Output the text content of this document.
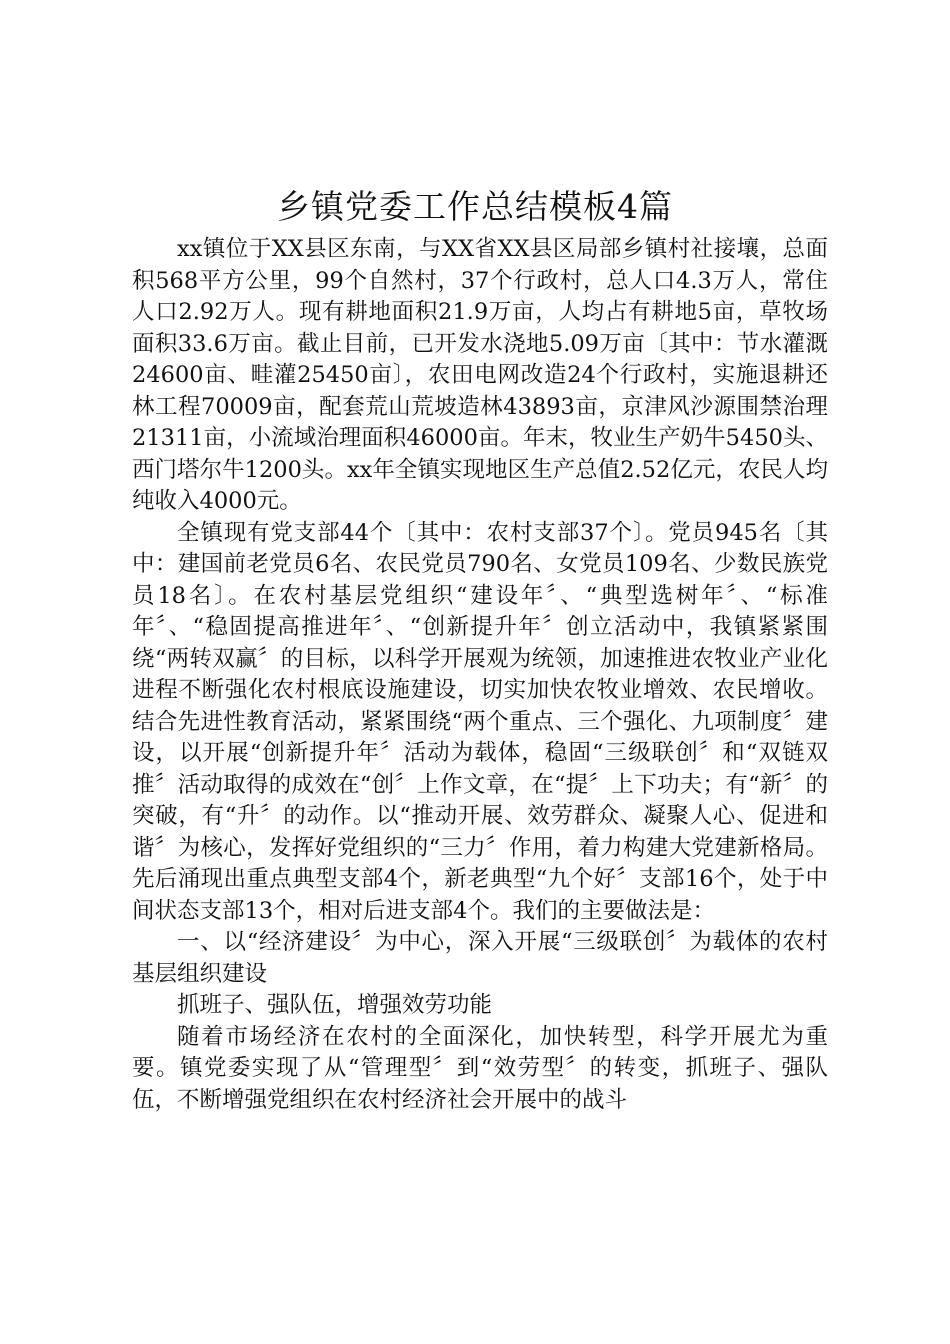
乡镇党委工作总结模板4篇

xx镇位于XX县区东南，与XX省XX县区局部乡镇村社接壤，总面积568平方公里，99个自然村，37个行政村，总人口4.3万人，常住人口2.92万人。现有耕地面积21.9万亩，人均占有耕地5亩，草牧场面积33.6万亩。截止目前，已开发水浇地5.09万亩〔其中：节水灌溉24600亩、畦灌25450亩〕，农田电网改造24个行政村，实施退耕还林工程70009亩，配套荒山荒坡造林43893亩，京津风沙源围禁治理21311亩，小流域治理面积46000亩。年末，牧业生产奶牛5450头、西门塔尔牛1200头。xx年全镇实现地区生产总值2.52亿元，农民人均纯收入4000元。

全镇现有党支部44个〔其中：农村支部37个〕。党员945名〔其中：建国前老党员6名、农民党员790名、女党员109名、少数民族党员18名〕。在农村基层党组织“建设年〞、“典型选树年〞、“标准年〞、“稳固提高推进年〞、“创新提升年〞创立活动中，我镇紧紧围绕“两转双赢〞的目标，以科学开展观为统领，加速推进农牧业产业化进程不断强化农村根底设施建设，切实加快农牧业增效、农民增收。结合先进性教育活动，紧紧围绕“两个重点、三个强化、九项制度〞建设，以开展“创新提升年〞活动为载体，稳固“三级联创〞和“双链双推〞活动取得的成效在“创〞上作文章，在“提〞上下功夫；有“新〞的突破，有“升〞的动作。以“推动开展、效劳群众、凝聚人心、促进和谐〞为核心，发挥好党组织的“三力〞作用，着力构建大党建新格局。先后涌现出重点典型支部4个，新老典型“九个好〞支部16个，处于中间状态支部13个，相对后进支部4个。我们的主要做法是：

一、以“经济建设〞为中心，深入开展“三级联创〞为载体的农村基层组织建设

抓班子、强队伍，增强效劳功能

随着市场经济在农村的全面深化，加快转型，科学开展尤为重要。镇党委实现了从“管理型〞到“效劳型〞的转变，抓班子、强队伍，不断增强党组织在农村经济社会开展中的战斗
